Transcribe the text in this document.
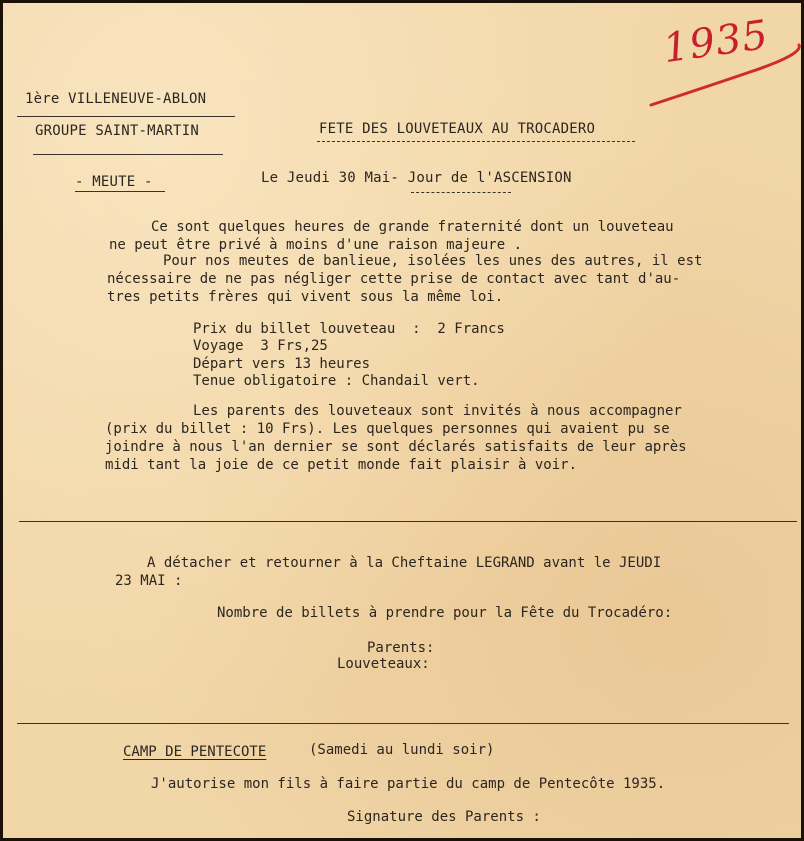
1935
1ère VILLENEUVE-ABLON
GROUPE SAINT-MARTIN
- MEUTE -
FETE DES LOUVETEAUX AU TROCADERO
Le Jeudi 30 Mai- Jour de l'ASCENSION
Ce sont quelques heures de grande fraternité dont un louveteau
ne peut être privé à moins d'une raison majeure .
Pour nos meutes de banlieue, isolées les unes des autres, il est
nécessaire de ne pas négliger cette prise de contact avec tant d'au-
tres petits frères qui vivent sous la même loi.
Prix du billet louveteau  :  2 Francs
Voyage  3 Frs,25
Départ vers 13 heures
Tenue obligatoire : Chandail vert.
Les parents des louveteaux sont invités à nous accompagner
(prix du billet : 10 Frs). Les quelques personnes qui avaient pu se
joindre à nous l'an dernier se sont déclarés satisfaits de leur après
midi tant la joie de ce petit monde fait plaisir à voir.
A détacher et retourner à la Cheftaine LEGRAND avant le JEUDI
23 MAI :
Nombre de billets à prendre pour la Fête du Trocadéro:
Parents:
Louveteaux:
CAMP DE PENTECOTE	(Samedi au lundi soir)
J'autorise mon fils à faire partie du camp de Pentecôte 1935.
Signature des Parents :
